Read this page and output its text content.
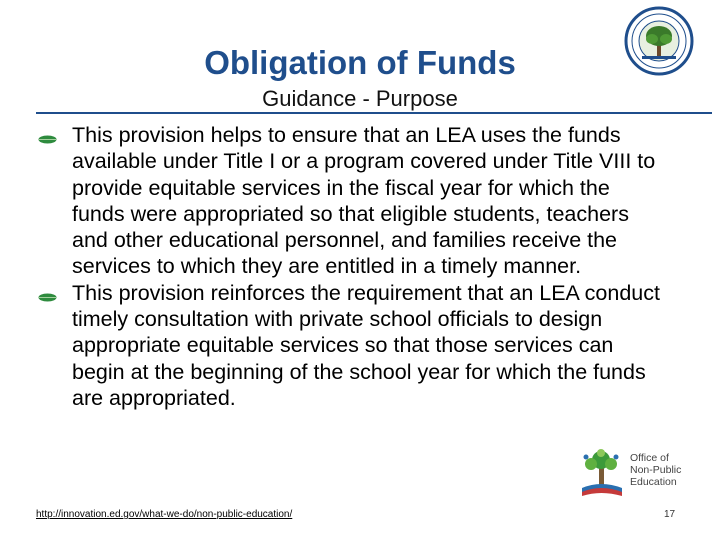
Obligation of Funds
Guidance - Purpose
This provision helps to ensure that an LEA uses the funds available under Title I or a program covered under Title VIII to provide equitable services in the fiscal year for which the funds were appropriated so that eligible students, teachers and other educational personnel, and families receive the services to which they are entitled in a timely manner.
This provision reinforces the requirement that an LEA conduct timely consultation with private school officials to design appropriate equitable services so that those services can begin at the beginning of the school year for which the funds are appropriated.
Office of
Non-Public
Education
http://innovation.ed.gov/what-we-do/non-public-education/	17
